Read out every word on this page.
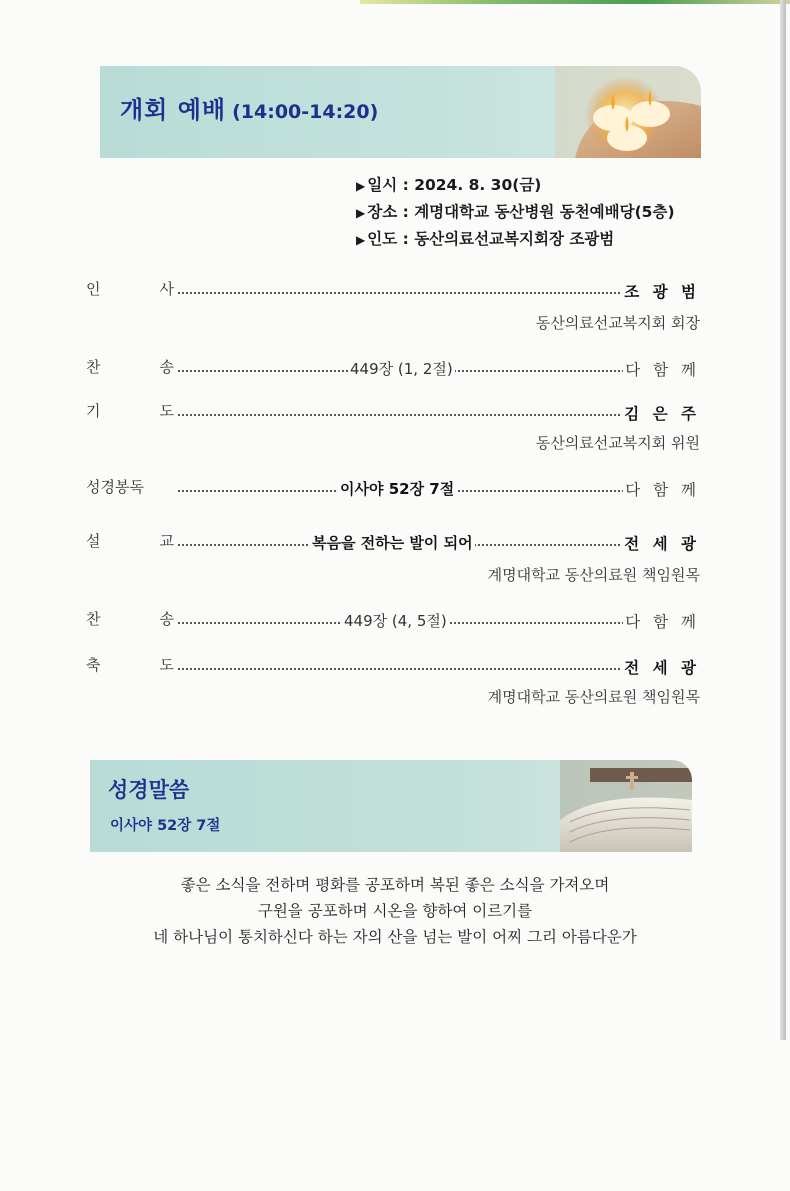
개회 예배 (14:00-14:20)
▶ 일시 : 2024. 8. 30(금)
▶ 장소 : 계명대학교 동산병원 동천예배당(5층)
▶ 인도 : 동산의료선교복지회장 조광범
인	사	조 광 범
동산의료선교복지회 회장
찬	송	449장 (1, 2절)	다 함 께
기	도	김 은 주
동산의료선교복지회 위원
성경봉독	이사야 52장 7절	다 함 께
설	교	복음을 전하는 발이 되어	전 세 광
계명대학교 동산의료원 책임원목
찬	송	449장 (4, 5절)	다 함 께
축	도	전 세 광
계명대학교 동산의료원 책임원목
성경말씀
이사야 52장 7절
좋은 소식을 전하며 평화를 공포하며 복된 좋은 소식을 가져오며
구원을 공포하며 시온을 향하여 이르기를
네 하나님이 통치하신다 하는 자의 산을 넘는 발이 어찌 그리 아름다운가
